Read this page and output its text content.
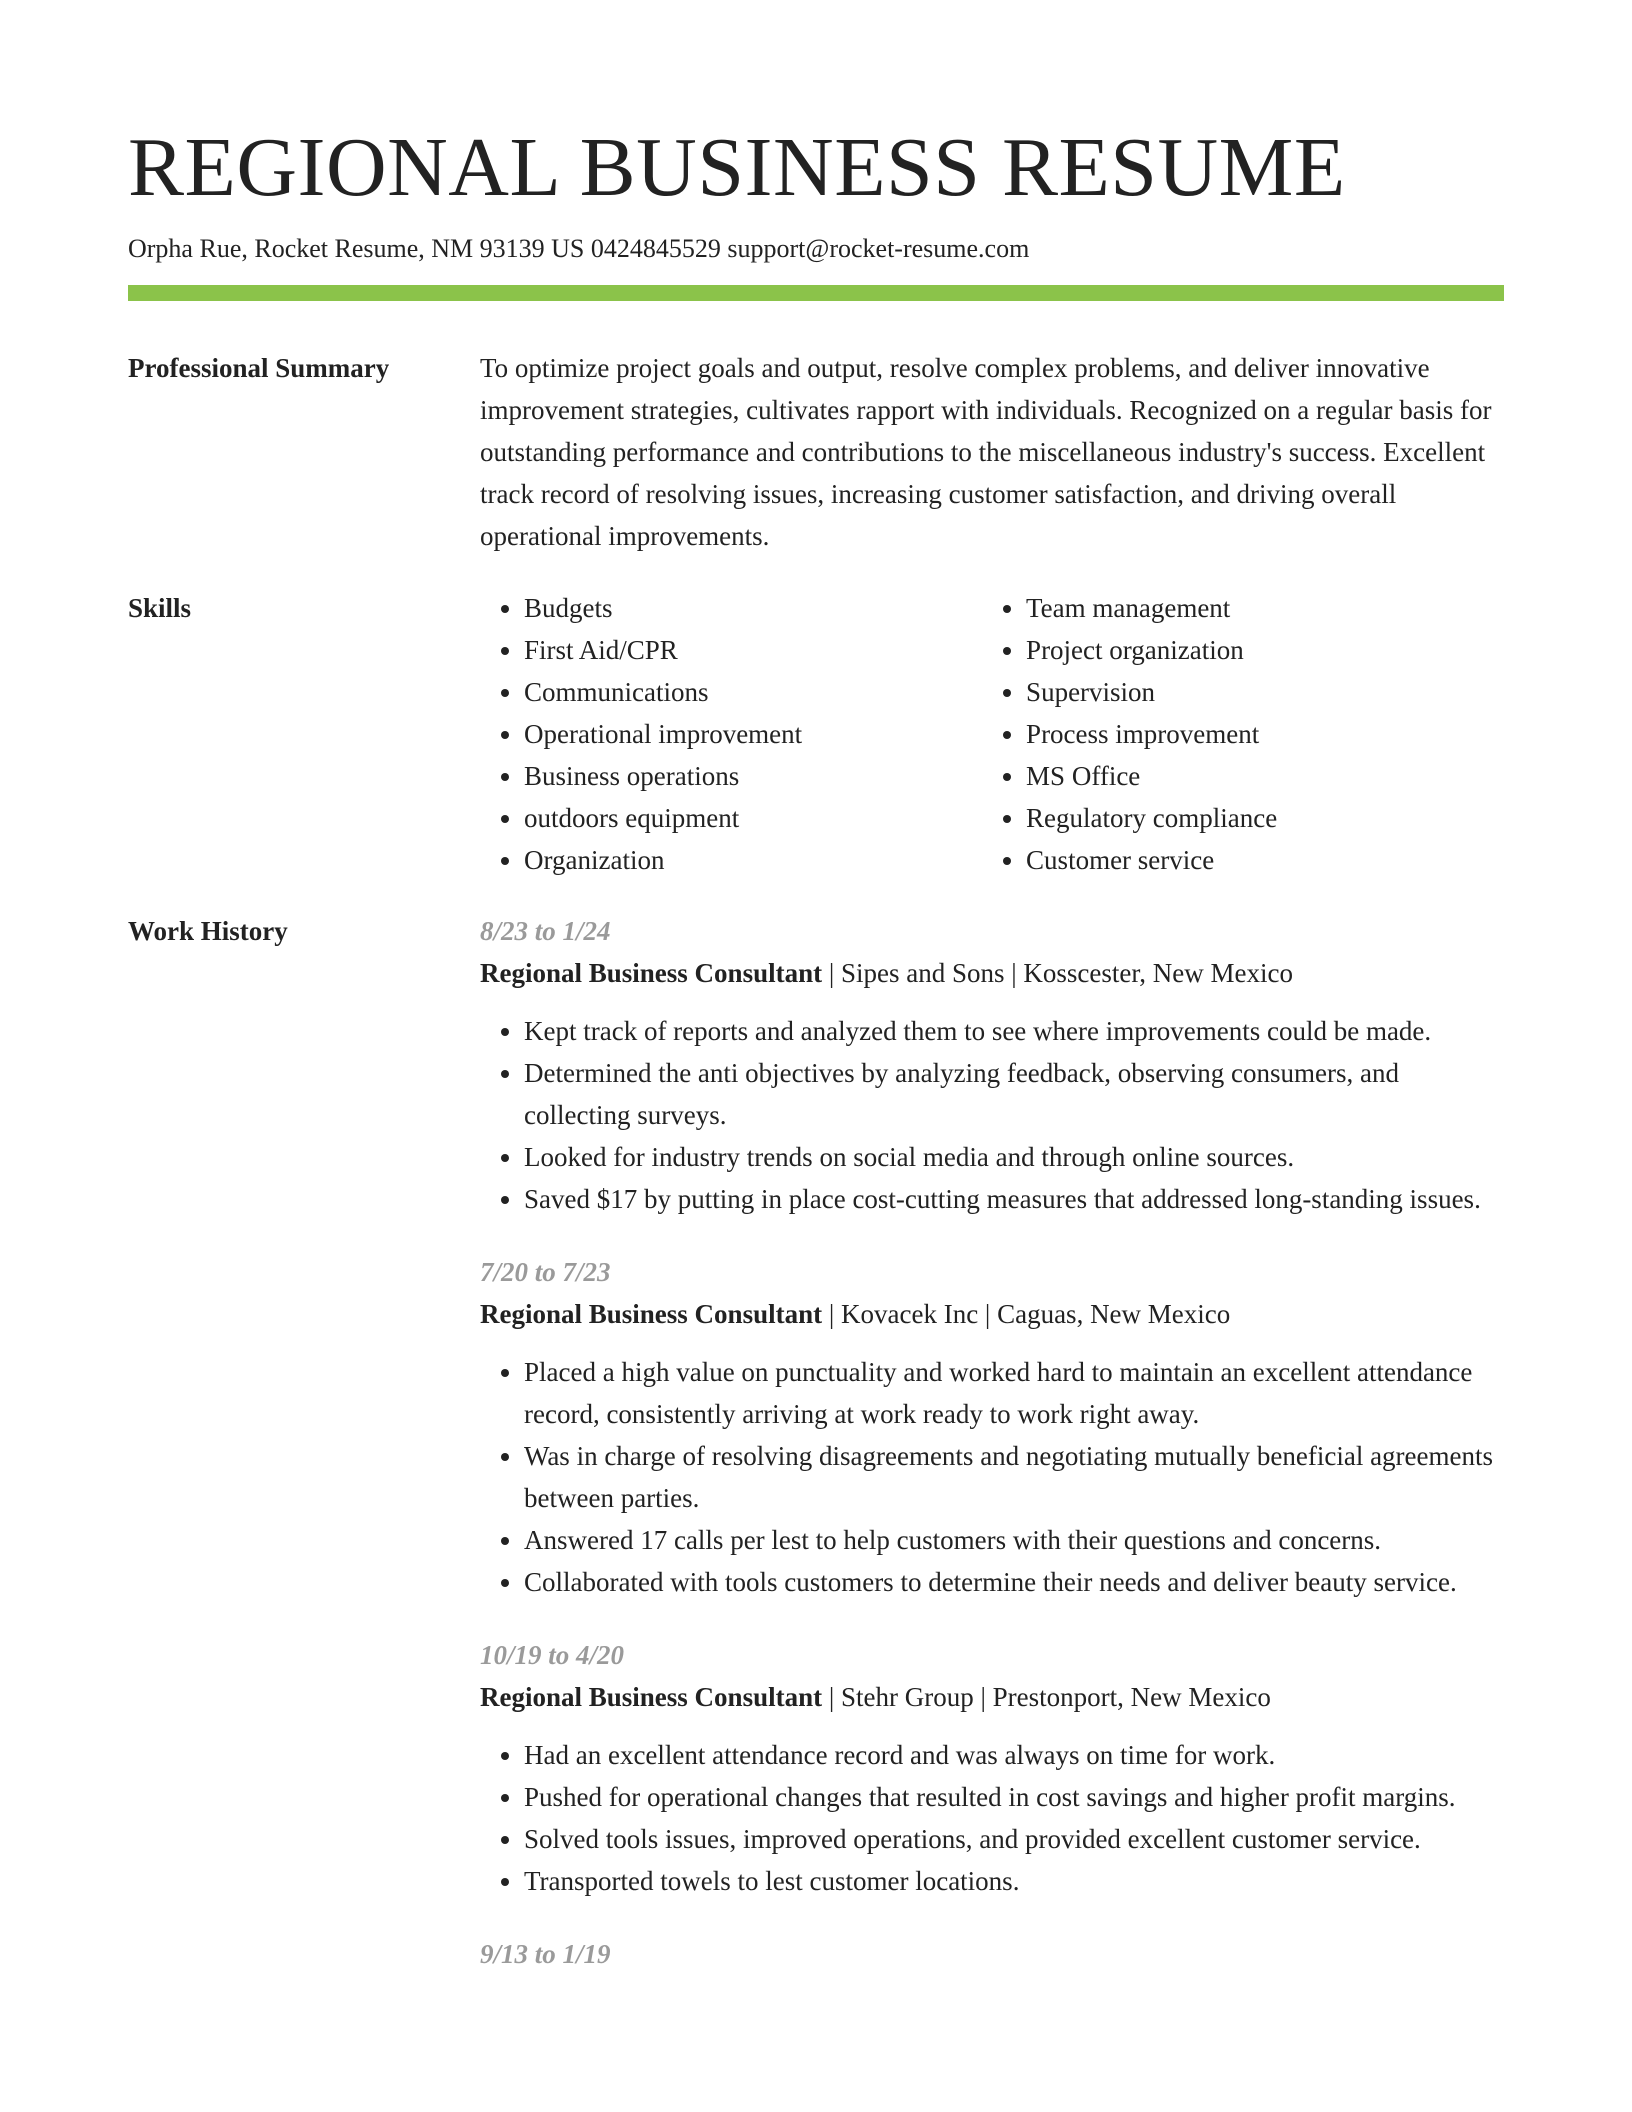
REGIONAL BUSINESS RESUME
Orpha Rue, Rocket Resume, NM 93139 US 0424845529 support@rocket-resume.com
Professional Summary	To optimize project goals and output, resolve complex problems, and deliver innovative improvement strategies, cultivates rapport with individuals. Recognized on a regular basis for outstanding performance and contributions to the miscellaneous industry's success. Excellent track record of resolving issues, increasing customer satisfaction, and driving overall operational improvements.

Skills
•	Budgets
• First Aid/CPR
• Communications
• Operational improvement
• Business operations
• outdoors equipment
• Organization
• Team management
• Project organization
• Supervision
• Process improvement
• MS Office
• Regulatory compliance
• Customer service
Work History	8/23 to 1/24
Regional Business Consultant | Sipes and Sons | Kosscester, New Mexico
• Kept track of reports and analyzed them to see where improvements could be made.
• Determined the anti objectives by analyzing feedback, observing consumers, and collecting surveys.
• Looked for industry trends on social media and through online sources.
• Saved $17 by putting in place cost-cutting measures that addressed long-standing issues.
7/20 to 7/23
Regional Business Consultant | Kovacek Inc | Caguas, New Mexico
• Placed a high value on punctuality and worked hard to maintain an excellent attendance record, consistently arriving at work ready to work right away.
• Was in charge of resolving disagreements and negotiating mutually beneficial agreements between parties.
• Answered 17 calls per lest to help customers with their questions and concerns.
• Collaborated with tools customers to determine their needs and deliver beauty service.
10/19 to 4/20
Regional Business Consultant | Stehr Group | Prestonport, New Mexico
• Had an excellent attendance record and was always on time for work.
• Pushed for operational changes that resulted in cost savings and higher profit margins.
• Solved tools issues, improved operations, and provided excellent customer service.
• Transported towels to lest customer locations.
9/13 to 1/19
